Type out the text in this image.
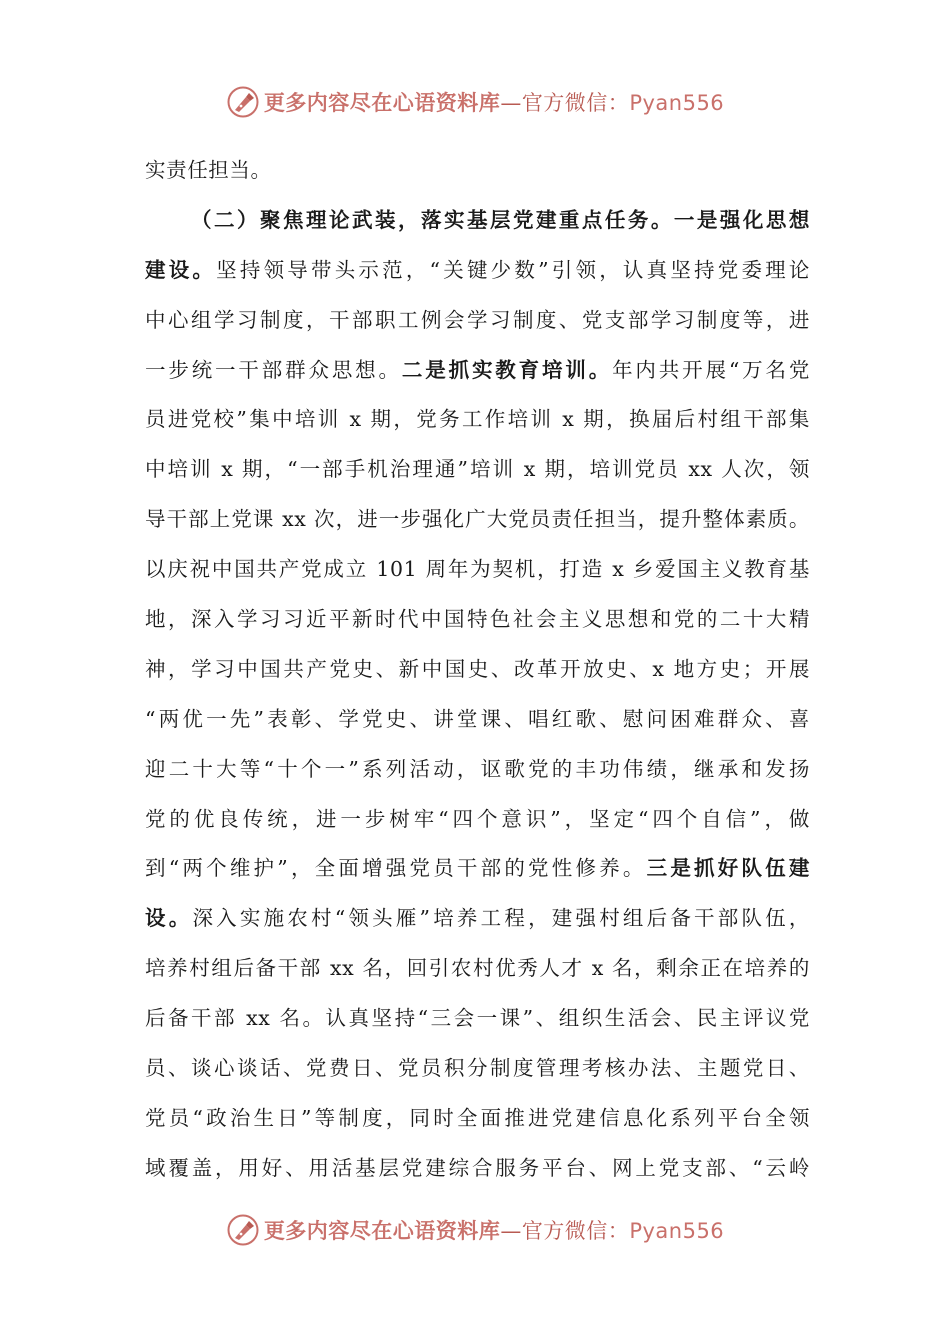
更多内容尽在心语资料库—官方微信：Pyan556
实责任担当。
（二）聚焦理论武装，落实基层党建重点任务。一是强化思想
建设。坚持领导带头示范，“关键少数”引领，认真坚持党委理论
中心组学习制度，干部职工例会学习制度、党支部学习制度等，进
一步统一干部群众思想。二是抓实教育培训。年内共开展“万名党
员进党校”集中培训 x 期，党务工作培训 x 期，换届后村组干部集
中培训 x 期，“一部手机治理通”培训 x 期，培训党员 xx 人次，领
导干部上党课 xx 次，进一步强化广大党员责任担当，提升整体素质。
以庆祝中国共产党成立 101 周年为契机，打造 x 乡爱国主义教育基
地，深入学习习近平新时代中国特色社会主义思想和党的二十大精
神，学习中国共产党史、新中国史、改革开放史、x 地方史；开展
“两优一先”表彰、学党史、讲堂课、唱红歌、慰问困难群众、喜
迎二十大等“十个一”系列活动，讴歌党的丰功伟绩，继承和发扬
党的优良传统，进一步树牢“四个意识”，坚定“四个自信”，做
到“两个维护”，全面增强党员干部的党性修养。三是抓好队伍建
设。深入实施农村“领头雁”培养工程，建强村组后备干部队伍，
培养村组后备干部 xx 名，回引农村优秀人才 x 名，剩余正在培养的
后备干部 xx 名。认真坚持“三会一课”、组织生活会、民主评议党
员、谈心谈话、党费日、党员积分制度管理考核办法、主题党日、
党员“政治生日”等制度，同时全面推进党建信息化系列平台全领
域覆盖，用好、用活基层党建综合服务平台、网上党支部、“云岭
更多内容尽在心语资料库—官方微信：Pyan556
